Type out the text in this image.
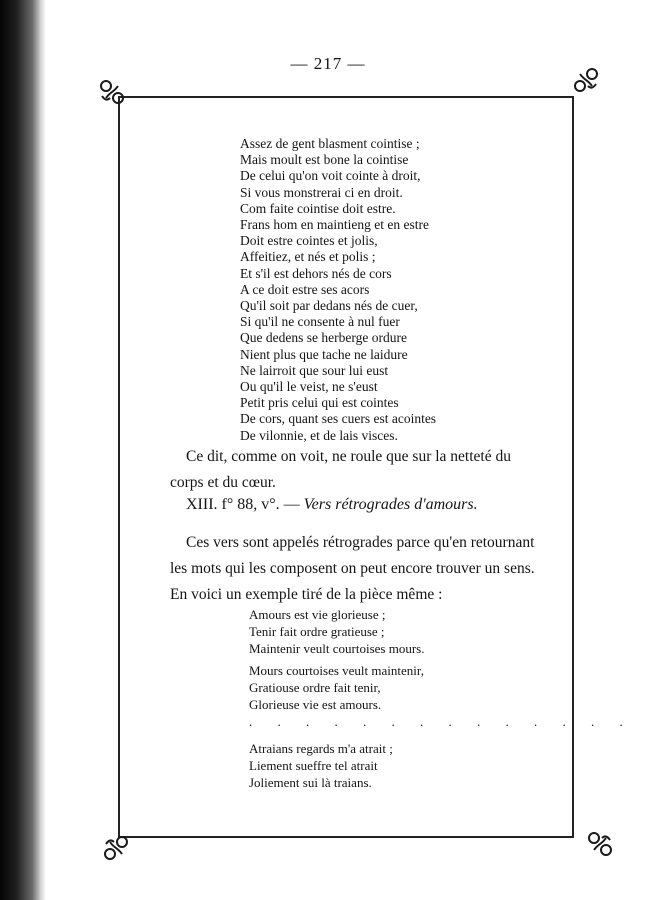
— 217 —
Assez de gent blasment cointise ;
Mais moult est bone la cointise
De celui qu'on voit cointe à droit,
Si vous monstrerai ci en droit.
Com faite cointise doit estre.
Frans hom en maintieng et en estre
Doit estre cointes et jolis,
Affeitiez, et nés et polis ;
Et s'il est dehors nés de cors
A ce doit estre ses acors
Qu'il soit par dedans nés de cuer,
Si qu'il ne consente à nul fuer
Que dedens se herberge ordure
Nient plus que tache ne laidure
Ne lairroit que sour lui eust
Ou qu'il le veist, ne s'eust
Petit pris celui qui est cointes
De cors, quant ses cuers est acointes
De vilonnie, et de lais visces.

Ce dit, comme on voit, ne roule que sur la netteté du corps et du cœur.

XIII. f° 88, v°. — Vers rétrogrades d'amours.

Ces vers sont appelés rétrogrades parce qu'en retournant les mots qui les composent on peut encore trouver un sens. En voici un exemple tiré de la pièce même :

Amours est vie glorieuse ;
Tenir fait ordre gratieuse ;
Maintenir veult courtoises mours.
Mours courtoises veult maintenir,
Gratiouse ordre fait tenir,
Glorieuse vie est amours.
. . . . . . . . . . . . . .
Atraians regards m'a atrait ;
Liement sueffre tel atrait
Joliement sui là traians.
